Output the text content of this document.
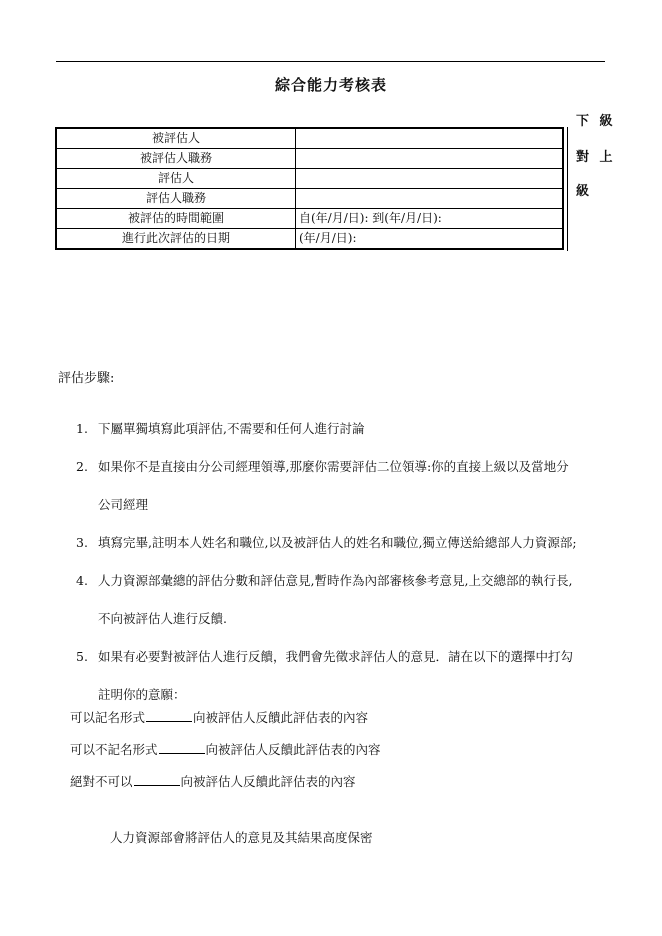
綜合能力考核表
下 級
對 上
級
被評估人	
被評估人職務	
評估人	
評估人職務	
被評估的時間範圍	自(年/月/日): 到(年/月/日):
進行此次評估的日期	(年/月/日):
評估步驟:
1. 下屬單獨填寫此項評估,不需要和任何人進行討論
2. 如果你不是直接由分公司經理領導,那麼你需要評估二位領導:你的直接上級以及當地分
公司經理
3. 填寫完畢,註明本人姓名和職位,以及被評估人的姓名和職位,獨立傳送給總部人力資源部;
4. 人力資源部彙總的評估分數和評估意見,暫時作為內部審核參考意見,上交總部的執行長,
不向被評估人進行反饋.
5. 如果有必要對被評估人進行反饋，我們會先徵求評估人的意見．請在以下的選擇中打勾
註明你的意願：
可以記名形式	向被評估人反饋此評估表的內容
可以不記名形式	向被評估人反饋此評估表的內容
絕對不可以	向被評估人反饋此評估表的內容
人力資源部會將評估人的意見及其結果高度保密
